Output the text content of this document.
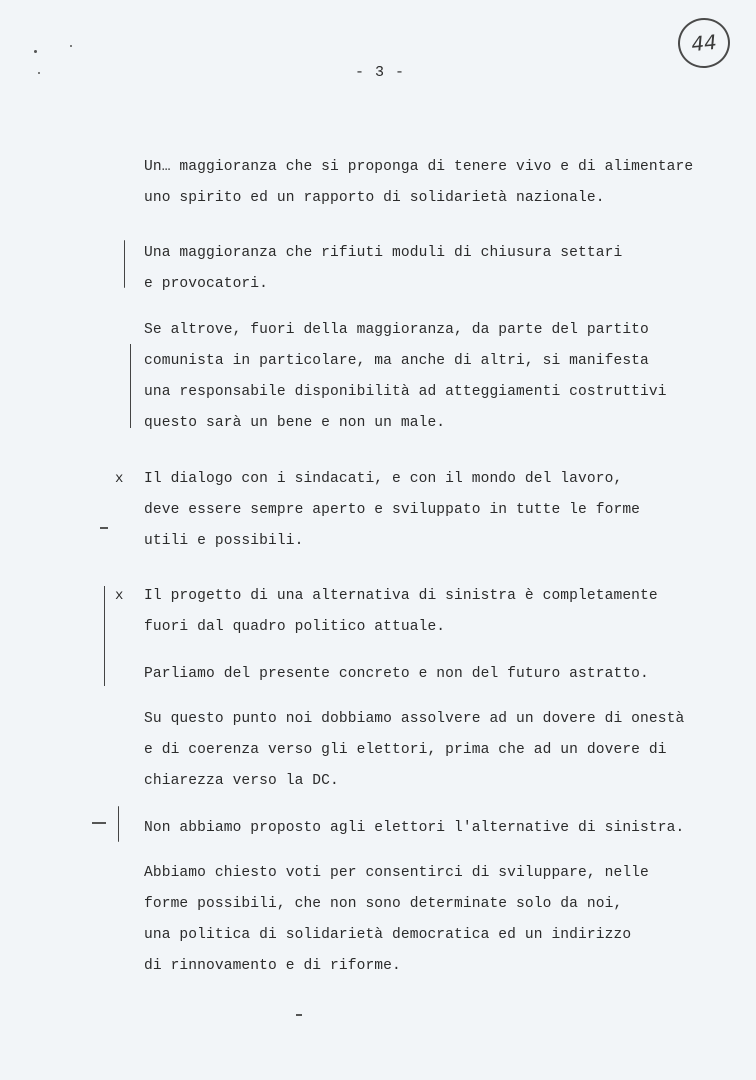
- 3 -
44
Un… maggioranza che si proponga di tenere vivo e di alimentare
uno spirito ed un rapporto di solidarietà nazionale.
Una maggioranza che rifiuti moduli di chiusura settari
e provocatori.
Se altrove, fuori della maggioranza, da parte del partito
comunista in particolare, ma anche di altri, si manifesta
una responsabile disponibilità ad atteggiamenti costruttivi
questo sarà un bene e non un male.
x Il dialogo con i sindacati, e con il mondo del lavoro,
deve essere sempre aperto e sviluppato in tutte le forme
utili e possibili.
x Il progetto di una alternativa di sinistra è completamente
fuori dal quadro politico attuale.
Parliamo del presente concreto e non del futuro astratto.
Su questo punto noi dobbiamo assolvere ad un dovere di onestà
e di coerenza verso gli elettori, prima che ad un dovere di
chiarezza verso la DC.
Non abbiamo proposto agli elettori l'alternative di sinistra.
Abbiamo chiesto voti per consentirci di sviluppare, nelle
forme possibili, che non sono determinate solo da noi,
una politica di solidarietà democratica ed un indirizzo
di rinnovamento e di riforme.
